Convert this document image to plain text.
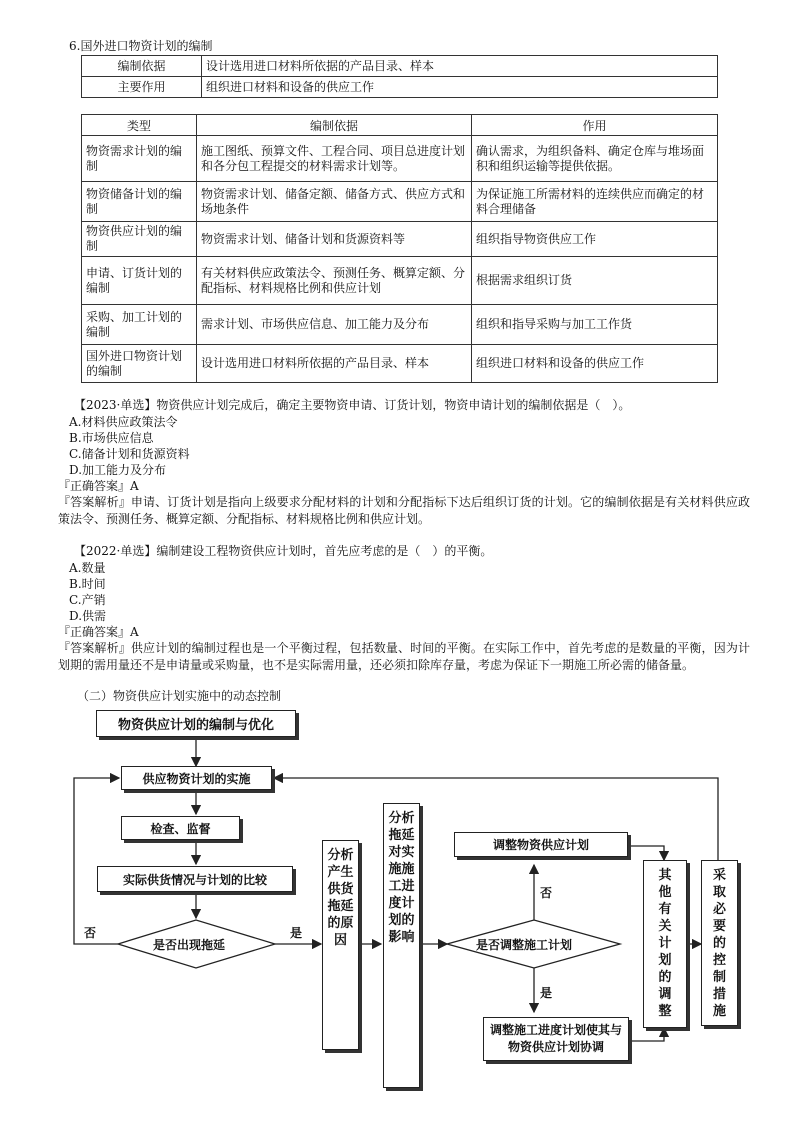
6.国外进口物资计划的编制
编制依据	设计选用进口材料所依据的产品目录、样本
主要作用	组织进口材料和设备的供应工作
类型	编制依据	作用
物资需求计划的编制	施工图纸、预算文件、工程合同、项目总进度计划和各分包工程提交的材料需求计划等。	确认需求，为组织备料、确定仓库与堆场面积和组织运输等提供依据。
物资储备计划的编制	物资需求计划、储备定额、储备方式、供应方式和场地条件	为保证施工所需材料的连续供应而确定的材料合理储备
物资供应计划的编制	物资需求计划、储备计划和货源资料等	组织指导物资供应工作
申请、订货计划的编制	有关材料供应政策法令、预测任务、概算定额、分配指标、材料规格比例和供应计划	根据需求组织订货
采购、加工计划的编制	需求计划、市场供应信息、加工能力及分布	组织和指导采购与加工工作货
国外进口物资计划的编制	设计选用进口材料所依据的产品目录、样本	组织进口材料和设备的供应工作
【2023·单选】物资供应计划完成后，确定主要物资申请、订货计划，物资申请计划的编制依据是（　）。
A.材料供应政策法令
B.市场供应信息
C.储备计划和货源资料
D.加工能力及分布
『正确答案』A
『答案解析』申请、订货计划是指向上级要求分配材料的计划和分配指标下达后组织订货的计划。它的编制依据是有关材料供应政策法令、预测任务、概算定额、分配指标、材料规格比例和供应计划。
【2022·单选】编制建设工程物资供应计划时，首先应考虑的是（　）的平衡。
A.数量
B.时间
C.产销
D.供需
『正确答案』A
『答案解析』供应计划的编制过程也是一个平衡过程，包括数量、时间的平衡。在实际工作中，首先考虑的是数量的平衡，因为计划期的需用量还不是申请量或采购量，也不是实际需用量，还必须扣除库存量，考虑为保证下一期施工所必需的储备量。
（二）物资供应计划实施中的动态控制
物资供应计划的编制与优化
供应物资计划的实施
检查、监督
实际供货情况与计划的比较
是否出现拖延
否	是
分析产生供货拖延的原因
分析拖延对实施施工进度计划的影响	是否调整施工计划
否
是
调整物资供应计划
调整施工进度计划使其与物资供应计划协调
其他有关计划的调整
采取必要的控制措施
